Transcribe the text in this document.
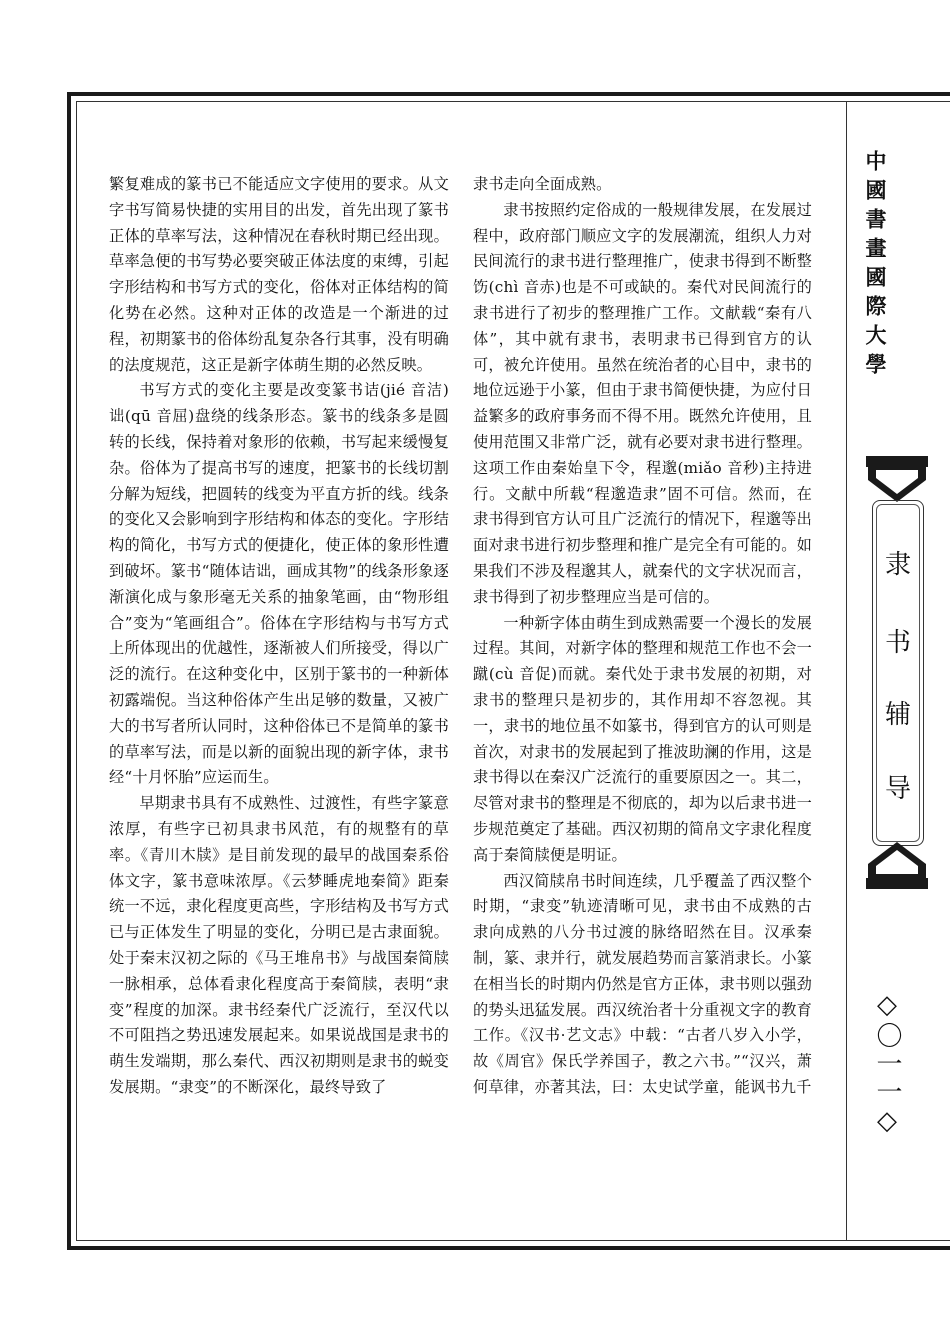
繁复难成的篆书已不能适应文字使用的要求。从文字书写简易快捷的实用目的出发，首先出现了篆书正体的草率写法，这种情况在春秋时期已经出现。草率急便的书写势必要突破正体法度的束缚，引起字形结构和书写方式的变化，俗体对正体结构的简化势在必然。这种对正体的改造是一个渐进的过程，初期篆书的俗体纷乱复杂各行其事，没有明确的法度规范，这正是新字体萌生期的必然反映。

书写方式的变化主要是改变篆书诘(jié 音洁)诎(qū 音屈)盘绕的线条形态。篆书的线条多是圆转的长线，保持着对象形的依赖，书写起来缓慢复杂。俗体为了提高书写的速度，把篆书的长线切割分解为短线，把圆转的线变为平直方折的线。线条的变化又会影响到字形结构和体态的变化。字形结构的简化，书写方式的便捷化，使正体的象形性遭到破坏。篆书“随体诘诎，画成其物”的线条形象逐渐演化成与象形毫无关系的抽象笔画，由“物形组合”变为“笔画组合”。俗体在字形结构与书写方式上所体现出的优越性，逐渐被人们所接受，得以广泛的流行。在这种变化中，区别于篆书的一种新体初露端倪。当这种俗体产生出足够的数量，又被广大的书写者所认同时，这种俗体已不是简单的篆书的草率写法，而是以新的面貌出现的新字体，隶书经“十月怀胎”应运而生。

早期隶书具有不成熟性、过渡性，有些字篆意浓厚，有些字已初具隶书风范，有的规整有的草率。《青川木牍》是目前发现的最早的战国秦系俗体文字，篆书意味浓厚。《云梦睡虎地秦简》距秦统一不远，隶化程度更高些，字形结构及书写方式已与正体发生了明显的变化，分明已是古隶面貌。处于秦末汉初之际的《马王堆帛书》与战国秦简牍一脉相承，总体看隶化程度高于秦简牍，表明“隶变”程度的加深。隶书经秦代广泛流行，至汉代以不可阻挡之势迅速发展起来。如果说战国是隶书的萌生发端期，那么秦代、西汉初期则是隶书的蜕变发展期。“隶变”的不断深化，最终导致了

隶书走向全面成熟。

隶书按照约定俗成的一般规律发展，在发展过程中，政府部门顺应文字的发展潮流，组织人力对民间流行的隶书进行整理推广，使隶书得到不断整饬(chì 音赤)也是不可或缺的。秦代对民间流行的隶书进行了初步的整理推广工作。文献载“秦有八体”，其中就有隶书，表明隶书已得到官方的认可，被允许使用。虽然在统治者的心目中，隶书的地位远逊于小篆，但由于隶书简便快捷，为应付日益繁多的政府事务而不得不用。既然允许使用，且使用范围又非常广泛，就有必要对隶书进行整理。这项工作由秦始皇下令，程邈(miǎo 音秒)主持进行。文献中所载“程邈造隶”固不可信。然而，在隶书得到官方认可且广泛流行的情况下，程邈等出面对隶书进行初步整理和推广是完全有可能的。如果我们不涉及程邈其人，就秦代的文字状况而言，隶书得到了初步整理应当是可信的。

一种新字体由萌生到成熟需要一个漫长的发展过程。其间，对新字体的整理和规范工作也不会一蹴(cù 音促)而就。秦代处于隶书发展的初期，对隶书的整理只是初步的，其作用却不容忽视。其一，隶书的地位虽不如篆书，得到官方的认可则是首次，对隶书的发展起到了推波助澜的作用，这是隶书得以在秦汉广泛流行的重要原因之一。其二，尽管对隶书的整理是不彻底的，却为以后隶书进一步规范奠定了基础。西汉初期的简帛文字隶化程度高于秦简牍便是明证。

西汉简牍帛书时间连续，几乎覆盖了西汉整个时期，“隶变”轨迹清晰可见，隶书由不成熟的古隶向成熟的八分书过渡的脉络昭然在目。汉承秦制，篆、隶并行，就发展趋势而言篆消隶长。小篆在相当长的时期内仍然是官方正体，隶书则以强劲的势头迅猛发展。西汉统治者十分重视文字的教育工作。《汉书·艺文志》中载：“古者八岁入小学，故《周官》保氏学养国子，教之六书。”“汉兴，萧何草律，亦著其法，曰：太史试学童，能讽书九千

中國書畫國際大學
隶
书
辅
导
◇〇一一◇
